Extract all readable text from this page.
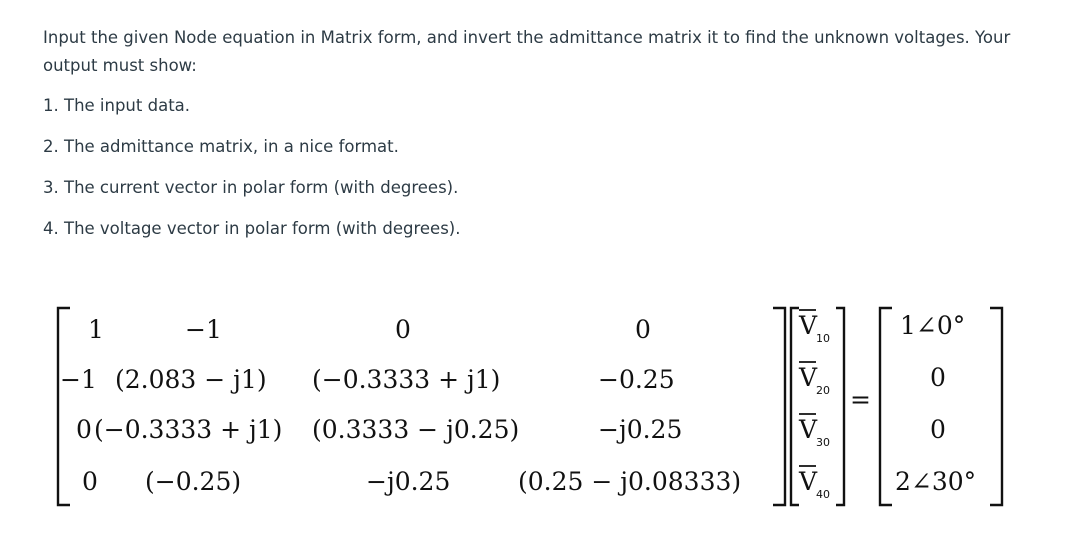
Input the given Node equation in Matrix form, and invert the admittance matrix it to find the unknown voltages. Your
output must show:

1. The input data.
2. The admittance matrix, in a nice format.
3. The current vector in polar form (with degrees).
4. The voltage vector in polar form (with degrees).
1	−1	0	0
−1 (2.083 − j1) (−0.3333 + j1)	−0.25
0 (−0.3333 + j1) (0.3333 − j0.25)	−j0.25
0 (−0.25)	−j0.25	(0.25 − j0.08333)
V
10
V
20
V
30
V
40
=
1∠0°
0
0
2∠30°
